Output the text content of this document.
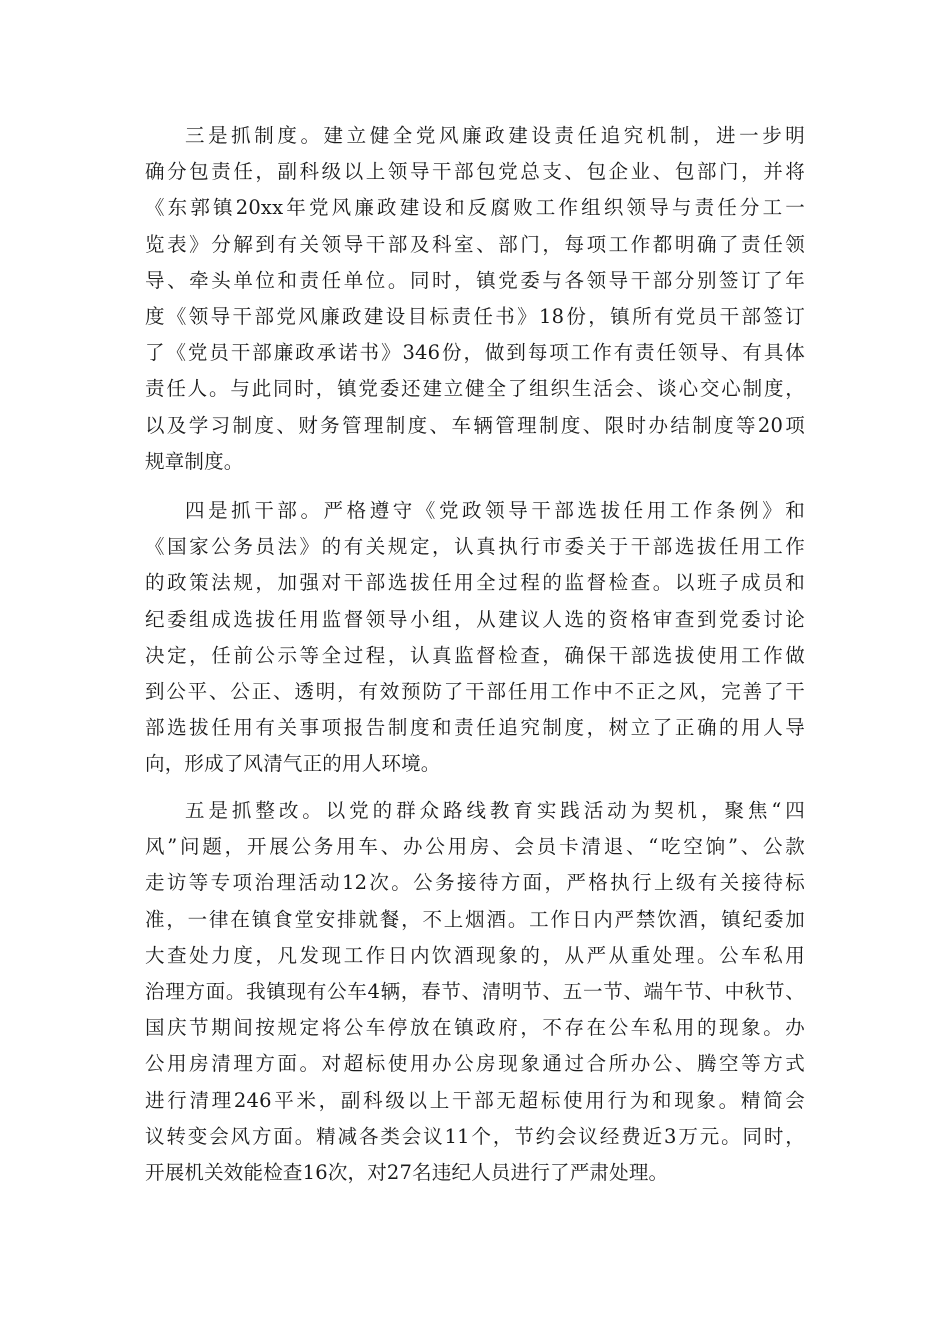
三是抓制度。建立健全党风廉政建设责任追究机制，进一步明
确分包责任，副科级以上领导干部包党总支、包企业、包部门，并将
《东郭镇20xx年党风廉政建设和反腐败工作组织领导与责任分工一
览表》分解到有关领导干部及科室、部门，每项工作都明确了责任领
导、牵头单位和责任单位。同时，镇党委与各领导干部分别签订了年
度《领导干部党风廉政建设目标责任书》18份，镇所有党员干部签订
了《党员干部廉政承诺书》346份，做到每项工作有责任领导、有具体
责任人。与此同时，镇党委还建立健全了组织生活会、谈心交心制度，
以及学习制度、财务管理制度、车辆管理制度、限时办结制度等20项
规章制度。
四是抓干部。严格遵守《党政领导干部选拔任用工作条例》和
《国家公务员法》的有关规定，认真执行市委关于干部选拔任用工作
的政策法规，加强对干部选拔任用全过程的监督检查。以班子成员和
纪委组成选拔任用监督领导小组，从建议人选的资格审查到党委讨论
决定，任前公示等全过程，认真监督检查，确保干部选拔使用工作做
到公平、公正、透明，有效预防了干部任用工作中不正之风，完善了干
部选拔任用有关事项报告制度和责任追究制度，树立了正确的用人导
向，形成了风清气正的用人环境。
五是抓整改。以党的群众路线教育实践活动为契机，聚焦“四
风”问题，开展公务用车、办公用房、会员卡清退、“吃空饷”、公款
走访等专项治理活动12次。公务接待方面，严格执行上级有关接待标
准，一律在镇食堂安排就餐，不上烟酒。工作日内严禁饮酒，镇纪委加
大查处力度，凡发现工作日内饮酒现象的，从严从重处理。公车私用
治理方面。我镇现有公车4辆，春节、清明节、五一节、端午节、中秋节、
国庆节期间按规定将公车停放在镇政府，不存在公车私用的现象。办
公用房清理方面。对超标使用办公房现象通过合所办公、腾空等方式
进行清理246平米，副科级以上干部无超标使用行为和现象。精简会
议转变会风方面。精减各类会议11个，节约会议经费近3万元。同时，
开展机关效能检查16次，对27名违纪人员进行了严肃处理。
